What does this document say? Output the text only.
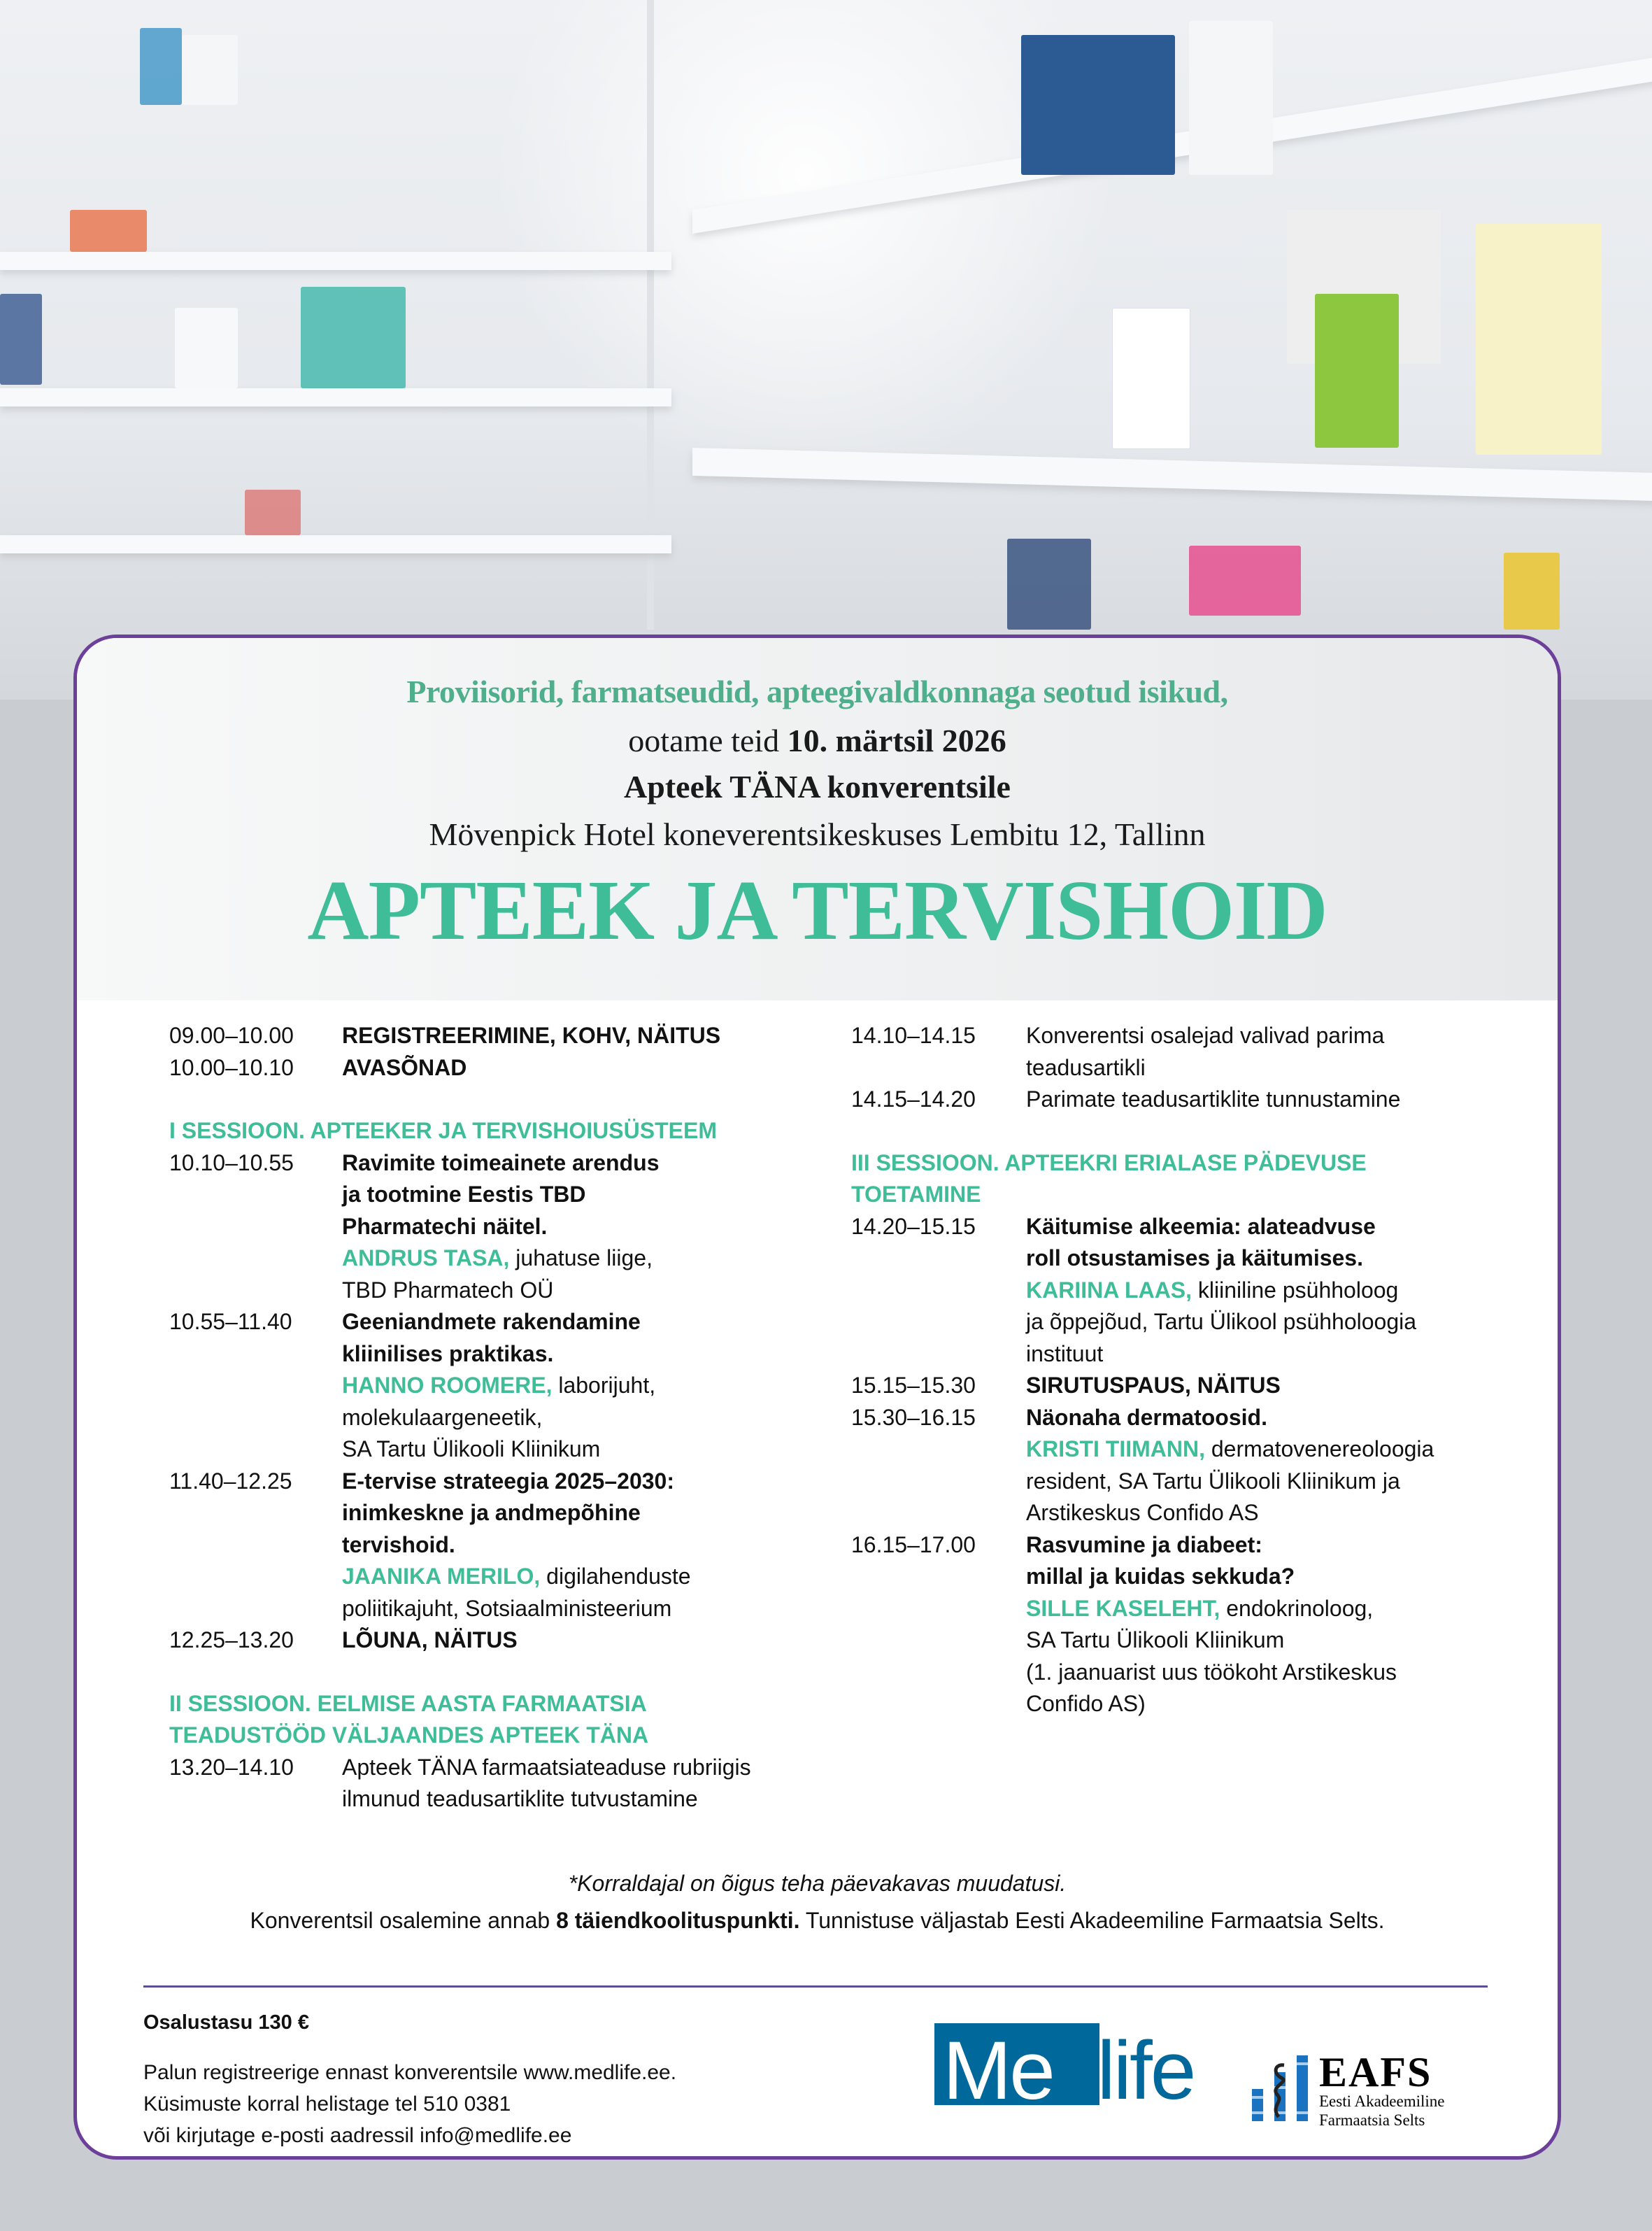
Proviisorid, farmatseudid, apteegivaldkonnaga seotud isikud,
ootame teid 10. märtsil 2026
Apteek TÄNA konverentsile
Mövenpick Hotel koneverentsikeskuses Lembitu 12, Tallinn
APTEEK JA TERVISHOID
09.00–10.00	REGISTREERIMINE, KOHV, NÄITUS
10.00–10.10	AVASÕNAD
I SESSIOON. APTEEKER JA TERVISHOIUSÜSTEEM
10.10–10.55	Ravimite toimeainete arendus ja tootmine Eestis TBD Pharmatechi näitel.
ANDRUS TASA, juhatuse liige,
TBD Pharmatech OÜ
10.55–11.40	Geeniandmete rakendamine kliinilises praktikas.
HANNO ROOMERE, laborijuht,
molekulaargeneetik,
SA Tartu Ülikooli Kliinikum
11.40–12.25	E-tervise strateegia 2025–2030: inimkeskne ja andmepõhine tervishoid.
JAANIKA MERILO, digilahenduste
poliitikajuht, Sotsiaalministeerium
12.25–13.20	LÕUNA, NÄITUS
II SESSIOON. EELMISE AASTA FARMAATSIA
TEADUSTÖÖD VÄLJAANDES APTEEK TÄNA
13.20–14.10	Apteek TÄNA farmaatsiateaduse rubriigis
ilmunud teadusartiklite tutvustamine
14.10–14.15	Konverentsi osalejad valivad parima
teadusartikli
14.15–14.20	Parimate teadusartiklite tunnustamine
III SESSIOON. APTEEKRI ERIALASE PÄDEVUSE
TOETAMINE
14.20–15.15	Käitumise alkeemia: alateadvuse
roll otsustamises ja käitumises.
KARIINA LAAS, kliiniline psühholoog
ja õppejõud, Tartu Ülikool psühholoogia
instituut
15.15–15.30	SIRUTUSPAUS, NÄITUS
15.30–16.15	Näonaha dermatoosid.
KRISTI TIIMANN, dermatovenereoloogia
resident, SA Tartu Ülikooli Kliinikum ja
Arstikeskus Confido AS
16.15–17.00	Rasvumine ja diabeet:
millal ja kuidas sekkuda?
SILLE KASELEHT, endokrinoloog,
SA Tartu Ülikooli Kliinikum
(1. jaanuarist uus töökoht Arstikeskus
Confido AS)
*Korraldajal on õigus teha päevakavas muudatusi.
Konverentsil osalemine annab 8 täiendkoolituspunkti. Tunnistuse väljastab Eesti Akadeemiline Farmaatsia Selts.
Osalustasu 130 €
Palun registreerige ennast konverentsile www.medlife.ee.
Küsimuste korral helistage tel 510 0381
või kirjutage e-posti aadressil info@medlife.ee
Medlife	EAFS
Eesti Akadeemiline
Farmaatsia Selts
